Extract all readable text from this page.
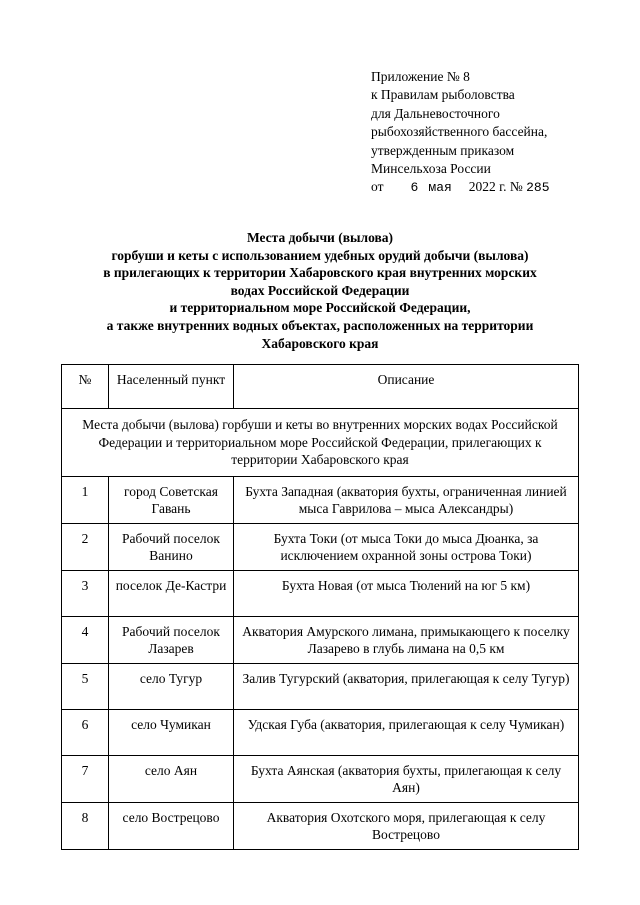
Приложение № 8
к Правилам рыболовства
для Дальневосточного
рыбохозяйственного бассейна,
утвержденным приказом
Минсельхоза России
от 6 мая 2022 г. № 285
Места добычи (вылова)
горбуши и кеты с использованием удебных орудий добычи (вылова)
в прилегающих к территории Хабаровского края внутренних морских
водах Российской Федерации
и территориальном море Российской Федерации,
а также внутренних водных объектах, расположенных на территории
Хабаровского края
№	Населенный пункт	Описание
Места добычи (вылова) горбуши и кеты во внутренних морских водах Российской Федерации и территориальном море Российской Федерации, прилегающих к территории Хабаровского края		
1	город Советская Гавань	Бухта Западная (акватория бухты, ограниченная линией мыса Гаврилова – мыса Александры)
2	Рабочий поселок Ванино	Бухта Токи (от мыса Токи до мыса Дюанка, за исключением охранной зоны острова Токи)
3	поселок Де-Кастри	Бухта Новая (от мыса Тюлений на юг 5 км)
4	Рабочий поселок Лазарев	Акватория Амурского лимана, примыкающего к поселку Лазарево в глубь лимана на 0,5 км
5	село Тугур	Залив Тугурский (акватория, прилегающая к селу Тугур)
6	село Чумикан	Удская Губа (акватория, прилегающая к селу Чумикан)
7	село Аян	Бухта Аянская (акватория бухты, прилегающая к селу Аян)
8	село Вострецово	Акватория Охотского моря, прилегающая к селу Вострецово
